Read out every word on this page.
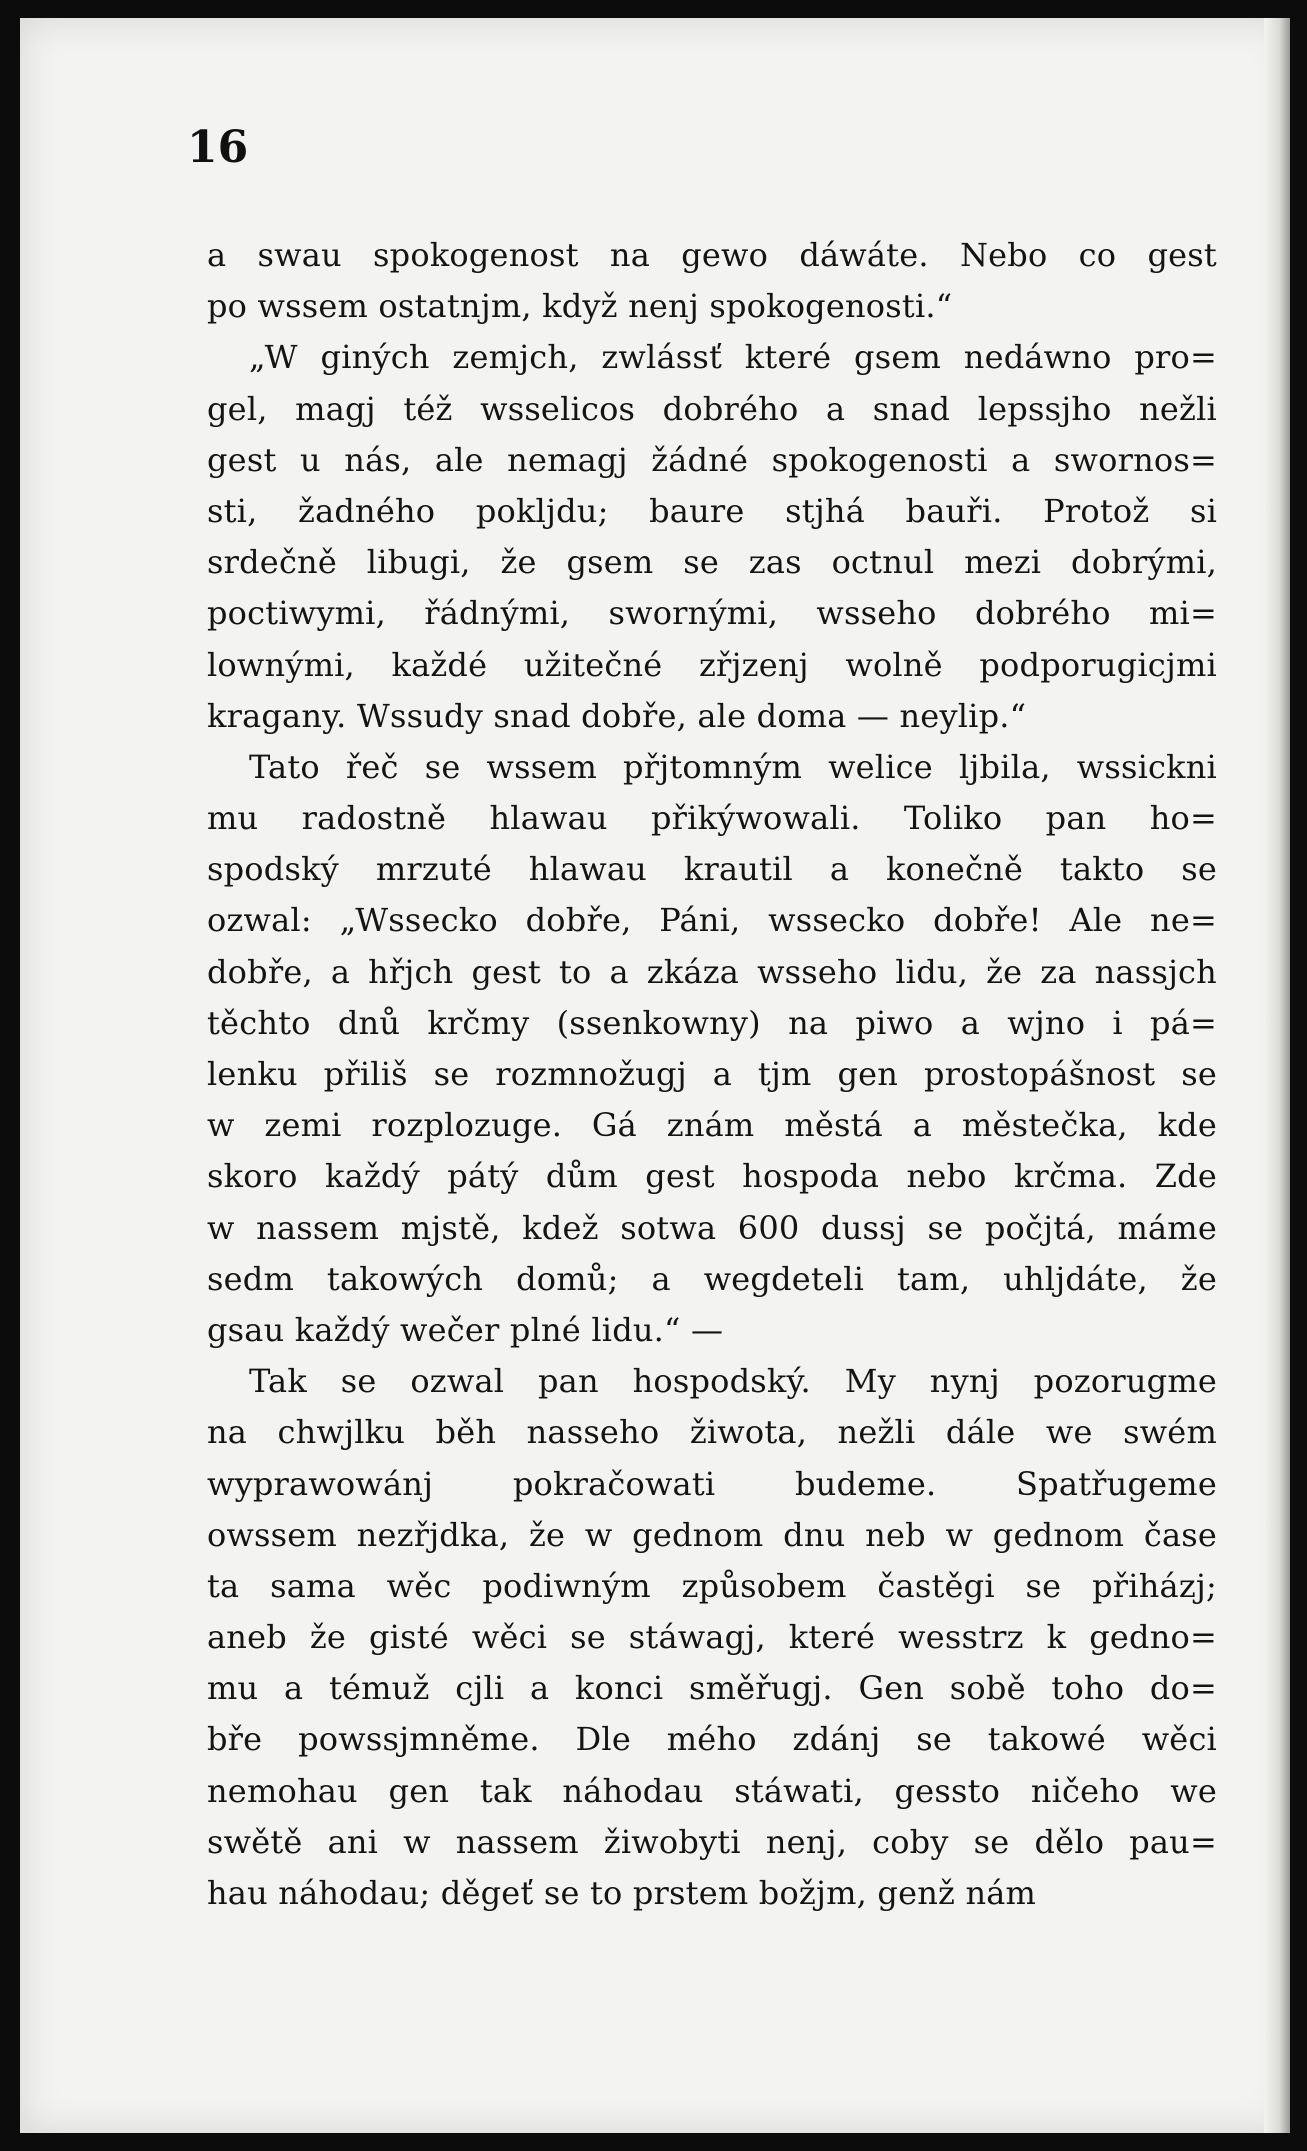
16
a swau spokogenost na gewo dáwáte. Nebo co gest
po wssem ostatnjm, když nenj spokogenosti.“
„W giných zemjch, zwlássť které gsem nedáwno pro=
gel, magj též wsselicos dobrého a snad lepssjho nežli
gest u nás, ale nemagj žádné spokogenosti a swornos=
sti, žadného pokljdu; baure stjhá bauři. Protož si
srdečně libugi, že gsem se zas octnul mezi dobrými,
poctiwymi, řádnými, swornými, wsseho dobrého mi=
lownými, každé užitečné zřjzenj wolně podporugicjmi
kragany. Wssudy snad dobře, ale doma — neylip.“
Tato řeč se wssem přjtomným welice ljbila, wssickni
mu radostně hlawau přikýwowali. Toliko pan ho=
spodský mrzuté hlawau krautil a konečně takto se
ozwal: „Wssecko dobře, Páni, wssecko dobře! Ale ne=
dobře, a hřjch gest to a zkáza wsseho lidu, že za nassjch
těchto dnů krčmy (ssenkowny) na piwo a wjno i pá=
lenku přiliš se rozmnožugj a tjm gen prostopášnost se
w zemi rozplozuge. Gá znám městá a městečka, kde
skoro každý pátý dům gest hospoda nebo krčma. Zde
w nassem mjstě, kdež sotwa 600 dussj se počjtá, máme
sedm takowých domů; a wegdeteli tam, uhljdáte, že
gsau každý wečer plné lidu.“ —
Tak se ozwal pan hospodský. My nynj pozorugme
na chwjlku běh nasseho žiwota, nežli dále we swém
wyprawowánj pokračowati budeme. Spatřugeme
owssem nezřjdka, že w gednom dnu neb w gednom čase
ta sama wěc podiwným způsobem častěgi se přiházj;
aneb že gisté wěci se stáwagj, které wesstrz k gedno=
mu a témuž cjli a konci směřugj. Gen sobě toho do=
bře powssjmněme. Dle mého zdánj se takowé wěci
nemohau gen tak náhodau stáwati, gessto ničeho we
swětě ani w nassem žiwobyti nenj, coby se dělo pau=
hau náhodau; děgeť se to prstem božjm, genž nám
